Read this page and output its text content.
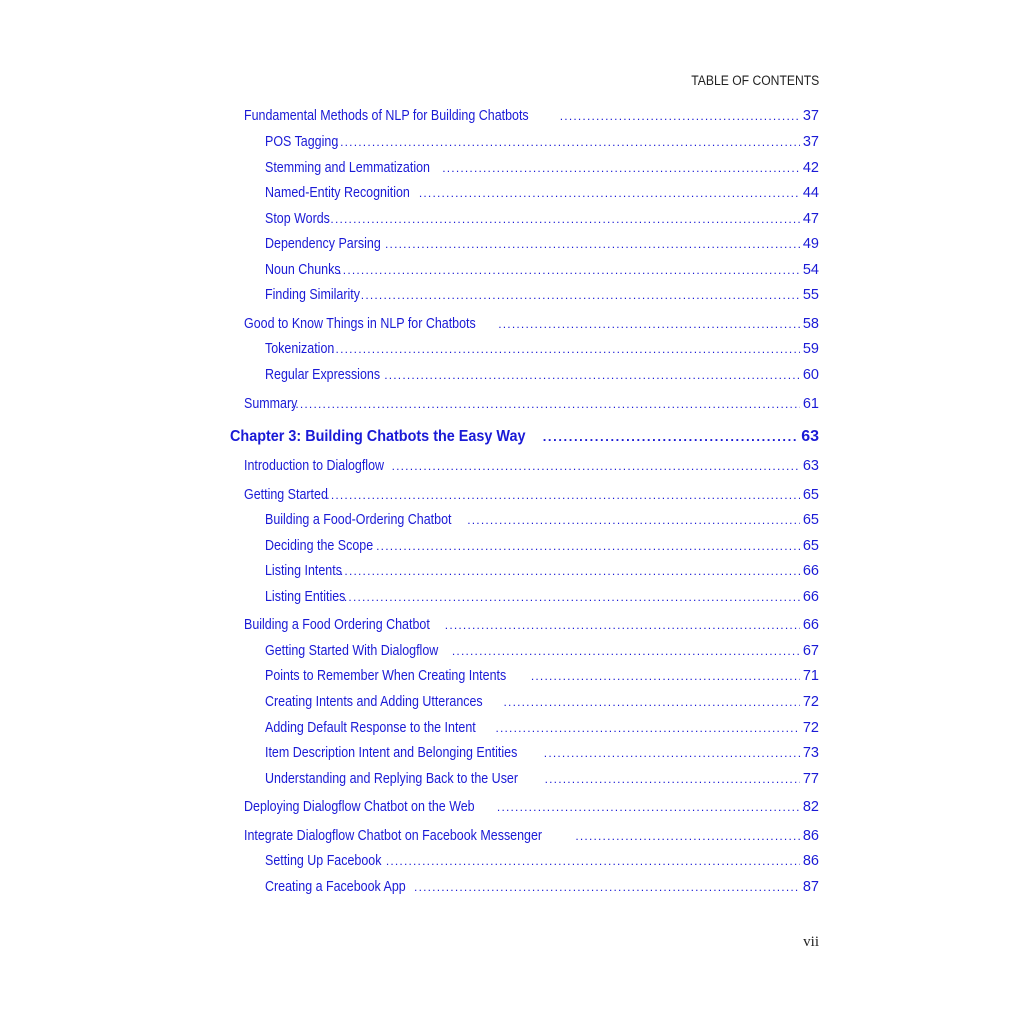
TABLE OF CONTENTS
Fundamental Methods of NLP for Building Chatbots .....	37
POS Tagging .....	37
Stemming and Lemmatization .....	42
Named-Entity Recognition .....	44
Stop Words .....	47
Dependency Parsing .....	49
Noun Chunks .....	54
Finding Similarity .....	55
Good to Know Things in NLP for Chatbots .....	58
Tokenization .....	59
Regular Expressions .....	60
Summary .....	61
Chapter 3: Building Chatbots the Easy Way .....	63
Introduction to Dialogflow .....	63
Getting Started .....	65
Building a Food-Ordering Chatbot .....	65
Deciding the Scope .....	65
Listing Intents .....	66
Listing Entities .....	66
Building a Food Ordering Chatbot .....	66
Getting Started With Dialogflow .....	67
Points to Remember When Creating Intents .....	71
Creating Intents and Adding Utterances .....	72
Adding Default Response to the Intent .....	72
Item Description Intent and Belonging Entities .....	73
Understanding and Replying Back to the User .....	77
Deploying Dialogflow Chatbot on the Web .....	82
Integrate Dialogflow Chatbot on Facebook Messenger .....	86
Setting Up Facebook .....	86
Creating a Facebook App .....	87
vii
